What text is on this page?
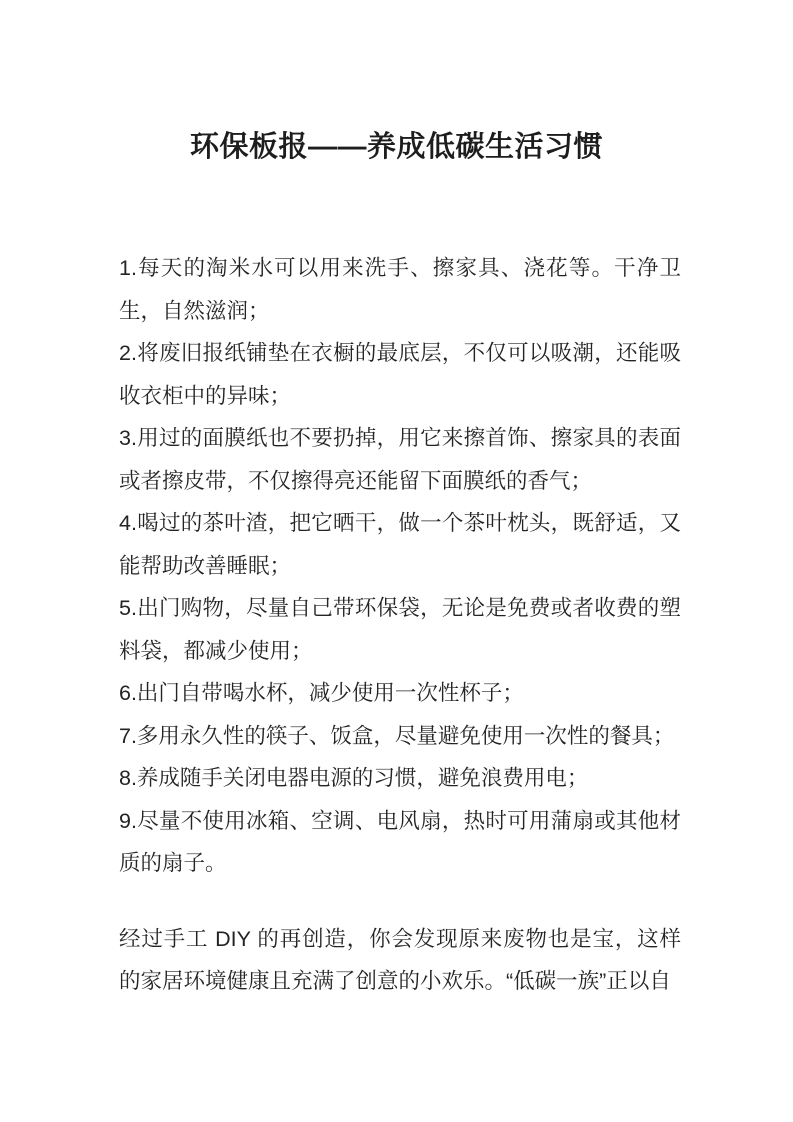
环保板报——养成低碳生活习惯

1.每天的淘米水可以用来洗手、擦家具、浇花等。干净卫生，自然滋润；

2.将废旧报纸铺垫在衣橱的最底层，不仅可以吸潮，还能吸收衣柜中的异味；

3.用过的面膜纸也不要扔掉，用它来擦首饰、擦家具的表面或者擦皮带，不仅擦得亮还能留下面膜纸的香气；

4.喝过的茶叶渣，把它晒干，做一个茶叶枕头，既舒适，又能帮助改善睡眠；

5.出门购物，尽量自己带环保袋，无论是免费或者收费的塑料袋，都减少使用；

6.出门自带喝水杯，减少使用一次性杯子；

7.多用永久性的筷子、饭盒，尽量避免使用一次性的餐具；

8.养成随手关闭电器电源的习惯，避免浪费用电；

9.尽量不使用冰箱、空调、电风扇，热时可用蒲扇或其他材质的扇子。

经过手工 DIY 的再创造，你会发现原来废物也是宝，这样的家居环境健康且充满了创意的小欢乐。“低碳一族”正以自
